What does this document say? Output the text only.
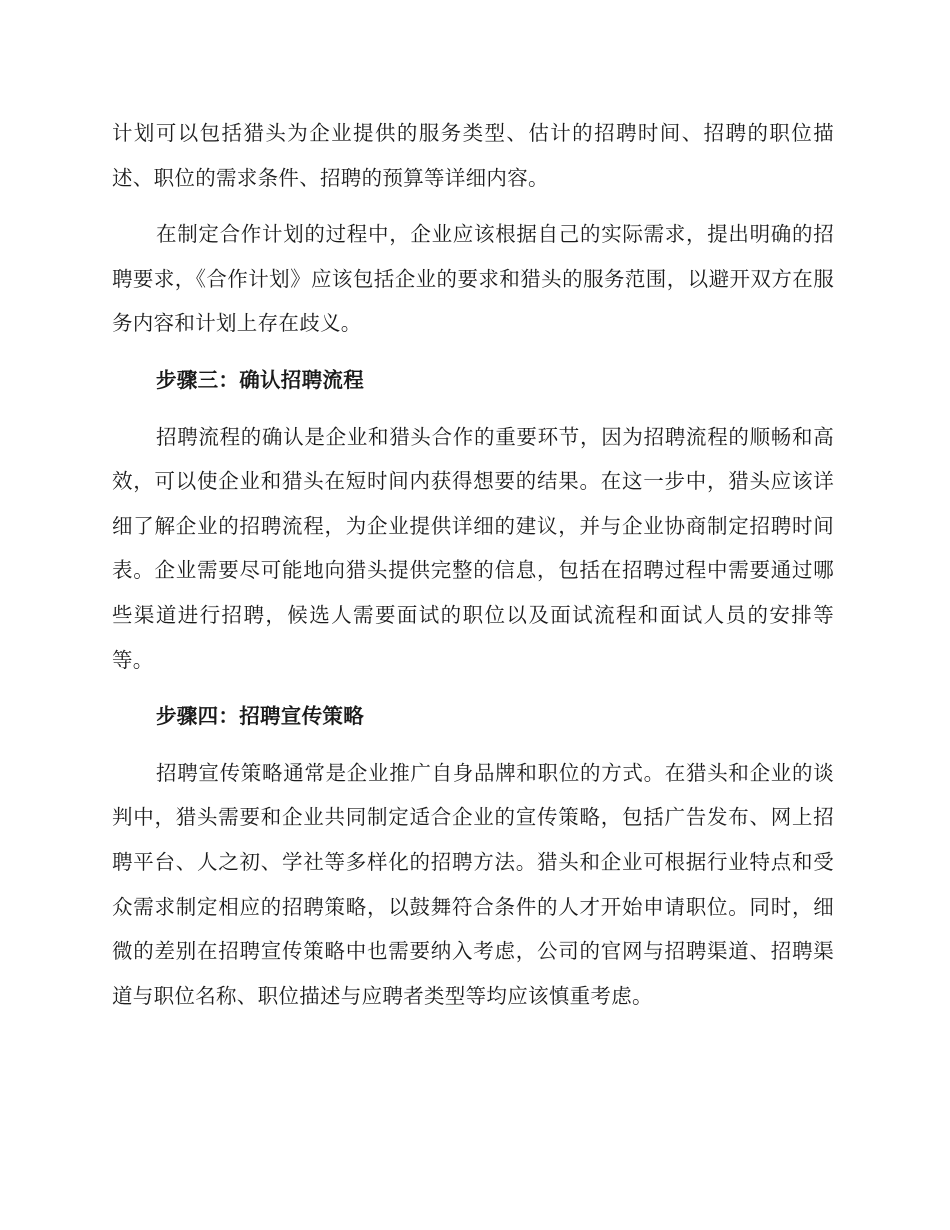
计划可以包括猎头为企业提供的服务类型、估计的招聘时间、招聘的职位描述、职位的需求条件、招聘的预算等详细内容。

在制定合作计划的过程中，企业应该根据自己的实际需求，提出明确的招聘要求，《合作计划》应该包括企业的要求和猎头的服务范围，以避开双方在服务内容和计划上存在歧义。

步骤三：确认招聘流程

招聘流程的确认是企业和猎头合作的重要环节，因为招聘流程的顺畅和高效，可以使企业和猎头在短时间内获得想要的结果。在这一步中，猎头应该详细了解企业的招聘流程，为企业提供详细的建议，并与企业协商制定招聘时间表。企业需要尽可能地向猎头提供完整的信息，包括在招聘过程中需要通过哪些渠道进行招聘，候选人需要面试的职位以及面试流程和面试人员的安排等等。

步骤四：招聘宣传策略

招聘宣传策略通常是企业推广自身品牌和职位的方式。在猎头和企业的谈判中，猎头需要和企业共同制定适合企业的宣传策略，包括广告发布、网上招聘平台、人之初、学社等多样化的招聘方法。猎头和企业可根据行业特点和受众需求制定相应的招聘策略，以鼓舞符合条件的人才开始申请职位。同时，细微的差别在招聘宣传策略中也需要纳入考虑，公司的官网与招聘渠道、招聘渠道与职位名称、职位描述与应聘者类型等均应该慎重考虑。
